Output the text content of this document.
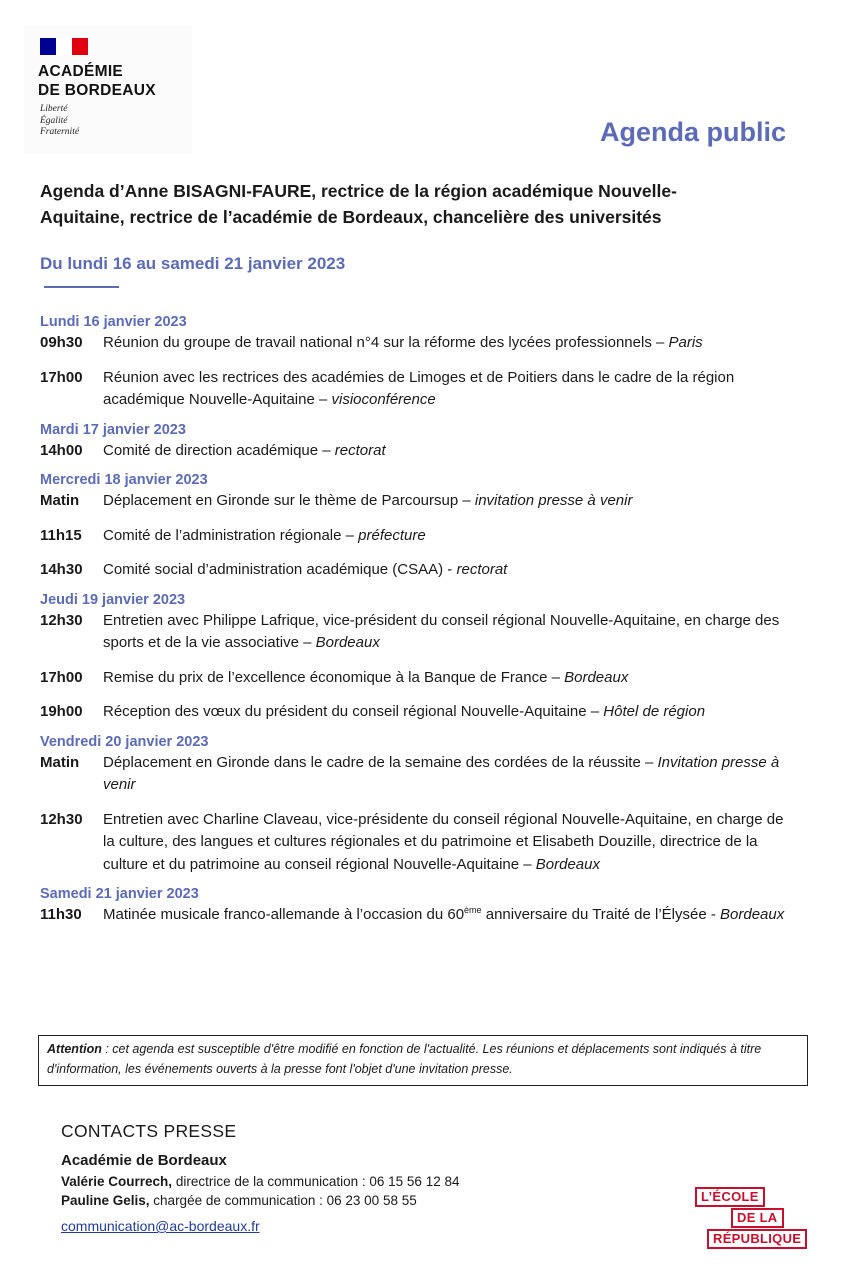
ACADÉMIE
DE BORDEAUX
Liberté
Égalité
Fraternité	Agenda public
Agenda d’Anne BISAGNI-FAURE, rectrice de la région académique Nouvelle-Aquitaine, rectrice de l’académie de Bordeaux, chancelière des universités
Du lundi 16 au samedi 21 janvier 2023
Lundi 16 janvier 2023
09h30	Réunion du groupe de travail national n°4 sur la réforme des lycées professionnels – Paris
17h00	Réunion avec les rectrices des académies de Limoges et de Poitiers dans le cadre de la région académique Nouvelle-Aquitaine – visioconférence
Mardi 17 janvier 2023
14h00	Comité de direction académique – rectorat
Mercredi 18 janvier 2023
Matin	Déplacement en Gironde sur le thème de Parcoursup – invitation presse à venir
11h15	Comité de l’administration régionale – préfecture
14h30	Comité social d’administration académique (CSAA) - rectorat
Jeudi 19 janvier 2023
12h30	Entretien avec Philippe Lafrique, vice-président du conseil régional Nouvelle-Aquitaine, en charge des sports et de la vie associative – Bordeaux
17h00	Remise du prix de l’excellence économique à la Banque de France – Bordeaux
19h00	Réception des vœux du président du conseil régional Nouvelle-Aquitaine – Hôtel de région
Vendredi 20 janvier 2023
Matin	Déplacement en Gironde dans le cadre de la semaine des cordées de la réussite – Invitation presse à venir
12h30	Entretien avec Charline Claveau, vice-présidente du conseil régional Nouvelle-Aquitaine, en charge de la culture, des langues et cultures régionales et du patrimoine et Elisabeth Douzille, directrice de la culture et du patrimoine au conseil régional Nouvelle-Aquitaine – Bordeaux
Samedi 21 janvier 2023
11h30	Matinée musicale franco-allemande à l’occasion du 60ème anniversaire du Traité de l’Élysée - Bordeaux
Attention : cet agenda est susceptible d'être modifié en fonction de l'actualité. Les réunions et déplacements sont indiqués à titre d'information, les événements ouverts à la presse font l'objet d'une invitation presse.
CONTACTS PRESSE
Académie de Bordeaux
Valérie Courrech, directrice de la communication : 06 15 56 12 84
Pauline Gelis, chargée de communication : 06 23 00 58 55
communication@ac-bordeaux.fr
L’ÉCOLE
DE LA
RÉPUBLIQUE
